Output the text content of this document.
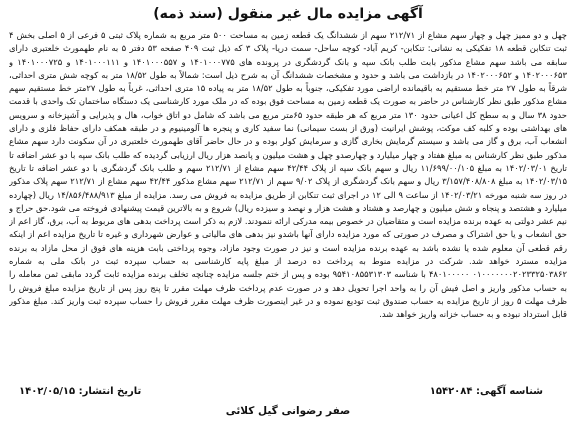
آگهی مزایده مال غیر منقول (سند ذمه)

چهل و دو ممیز چهل و چهار سهم مشاع از ۲۱۲/۷۱ سهم از ششدانگ یک قطعه زمین به مساحت ۵۰۰ متر مربع به شماره پلاک ثبتی ۵ فرعی از ۵ اصلی بخش ۴ ثبت تنکابن قطعه ۱۸ تفکیکی به نشانی: تنکابن- کریم آباد- کوچه ساحل- سمت دریا- پلاک ۳ که ذیل ثبت ۴۰۹ صفحه ۵۳ دفتر ۵ به نام طهمورث خلعتبری دارای سابقه می باشد سهم مشاع مذکور بابت طلب بانک سپه و بانک گردشگری در پرونده های ۱۴۰۱۰۰۰۷۷۵ و ۱۴۰۱۰۰۰۵۵۷ و ۱۴۰۱۰۰۰۱۱۱ و ۱۴۰۱۰۰۰۷۲۵ و ۱۴۰۲۰۰۰۶۵۳ و ۱۴۰۲۰۰۰۶۵۲ در بازداشت می باشد و حدود و مشخصات ششدانگ آن به شرح ذیل است: شمالاً به طول ۱۸/۵۲ متر به کوچه شش متری احداثی، شرقاً به طول ۲۷ متر خط مستقیم به باقیمانده اراضی مورد تفکیکی، جنوباً به طول ۱۸/۵۲ متر به پیاده ۱۵ متری احداثی، غرباً به طول ۲۷متر خط مستقیم سهم مشاع مذکور طبق نظر کارشناس در حاضر به صورت یک قطعه زمین به مساحت فوق بوده که در ملک مورد کارشناسی یک دستگاه ساختمان تک واحدی با قدمت حدود ۳۸ سال و به سطح کل اعیانی حدود ۱۳۰ متر مربع که هر طبقه حدود ۶۵متر مربع می باشد که شامل دو اتاق خواب، هال و پذیرایی و آشپزخانه و سرویس های بهداشتی بوده و کلبه کف موکت، پوشش ایرانیت (ورق از بست سیمانی) نما سفید کاری و پنجره ها آلومینیوم و در طبقه همکف دارای حفاظ فلزی و دارای انشعاب آب، برق و گاز می باشد و سیستم گرمایش بخاری گازی و سرمایش کولر بوده و در حال حاضر آقای طهمورث خلعتبری در آن سکونت دارد سهم مشاع مذکور طبق نظر کارشناس به مبلغ هفتاد و چهار میلیارد و چهارصدو چهل و هشت میلیون و پانصد هزار ریال ارزیابی گردیده که طلب بانک سپه با دو عشر اضافه تا تاریخ ۱۴۰۲/۰۳/۰۱ به مبلغ ۱۱/۶۹۹/۰۰/۱۰۵ ریال و سهم بانک سپه از پلاک ۴۲/۴۴ سهم مشاع از ۲۱۲/۷۱ سهم و طلب بانک گردشگری با دو عشر اضافه تا تاریخ ۱۴۰۲/۰۳/۱۵ به مبلغ ۳/۱۵۷/۴۰۸/۸۰۸ ریال و سهم بانک گردشگری از پلاک ۹/۰۲ سهم از ۲۱۲/۷۱ سهم مشاع مذکور ۴۲/۴۴ سهم مشاع از ۲۱۲/۷۱ سهم پلاک مذکور در روز سه شنبه مورخه ۱۴۰۲/۰۳/۲۱ از ساعت ۹ الی ۱۲ در اجرای ثبت تنکابن از طریق مزایده به فروش می رسد. مزایده از مبلغ ۱۴/۸۵۶/۴۸۸/۹۱۳ ریال (چهارده میلیارد و هشتصد و پنجاه و شش میلیون و چهارصد و هشتاد و هشت هزار و نهصد و سیزده ریال) شروع و به بالاترین قیمت پیشنهادی فروخته می شود.حق حراج و نیم عشر دولتی به عهده برنده مزایده است و متقاضیان در خصوص بیمه مدرکی ارائه ننمودند. لازم به ذکر است پرداخت بدهی های مربوط به آب، برق، گاز اعم از حق انشعاب و یا حق اشتراک و مصرف در صورتی که مورد مزایده دارای آنها باشدو نیز بدهی های مالیاتی و عوارض شهرداری و غیره تا تاریخ مزایده اعم از اینکه رقم قطعی آن معلوم شده یا نشده باشد به عهده برنده مزایده است و نیز در صورت وجود مازاد، وجوه پرداختی بابت هزینه های فوق از محل مازاد به برنده مزایده مسترد خواهد شد. شرکت در مزایده منوط به پرداخت ده درصد از مبلغ پایه کارشناسی به حساب سپرده ثبت در بانک ملی به شماره ۰۱۰۰۰۰۰۰۰۲۰۲۳۳۲۵۰۳۸۶۲ ۴۸۰۱۰۰۰۰۰ با شناسه ۹۵۴۱۰۸۵۵۳۱۳۰۳ بوده و پس از ختم جلسه مزایده چنانچه تخلف برنده مزایده ثابت گردد مابقی ثمن معامله را به حساب مذکور واریز و اصل فیش آن را به واحد اجرا تحویل دهد و در صورت عدم پرداخت ظرف مهلت مقرر تا پنج روز پس از تاریخ مزایده مبلغ فروش را ظرف مهلت ۵ روز از تاریخ مزایده به حساب صندوق ثبت توديع نموده و در غیر اینصورت ظرف مهلت مقرر فروش را حساب سپرده ثبت واریز کند. مبلغ مذکور قابل استرداد نبوده و به حساب خزانه واریز خواهد شد.

شناسه آگهی: ۱۵۴۲۰۸۴
تاریخ انتشار: ۱۴۰۲/۰۵/۱۵
صفر رضوانی گیل کلائی
